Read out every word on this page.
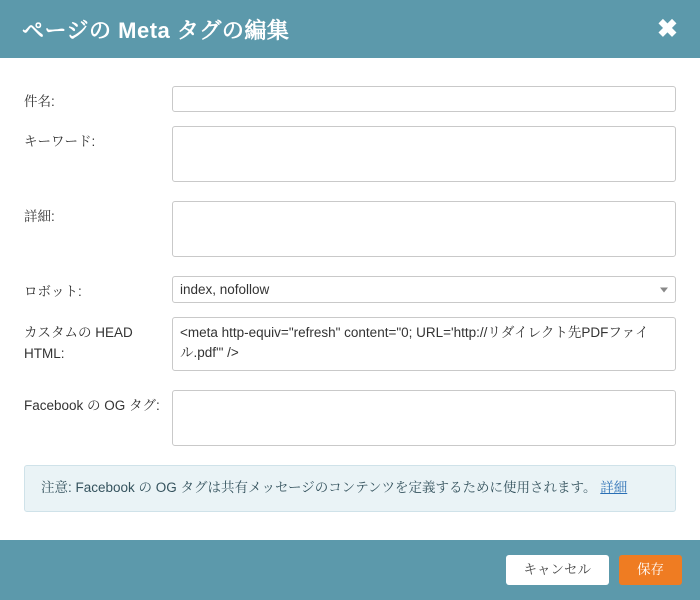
ページの Meta タグの編集	✖
件名:
キーワード:
詳細:
ロボット:
index, nofollow
カスタムの HEAD HTML:
<meta http-equiv="refresh" content="0; URL='http://リダイレクト先PDFファイル.pdf'" />
Facebook の OG タグ:
注意: Facebook の OG タグは共有メッセージのコンテンツを定義するために使用されます。 詳細
キャンセル	保存
